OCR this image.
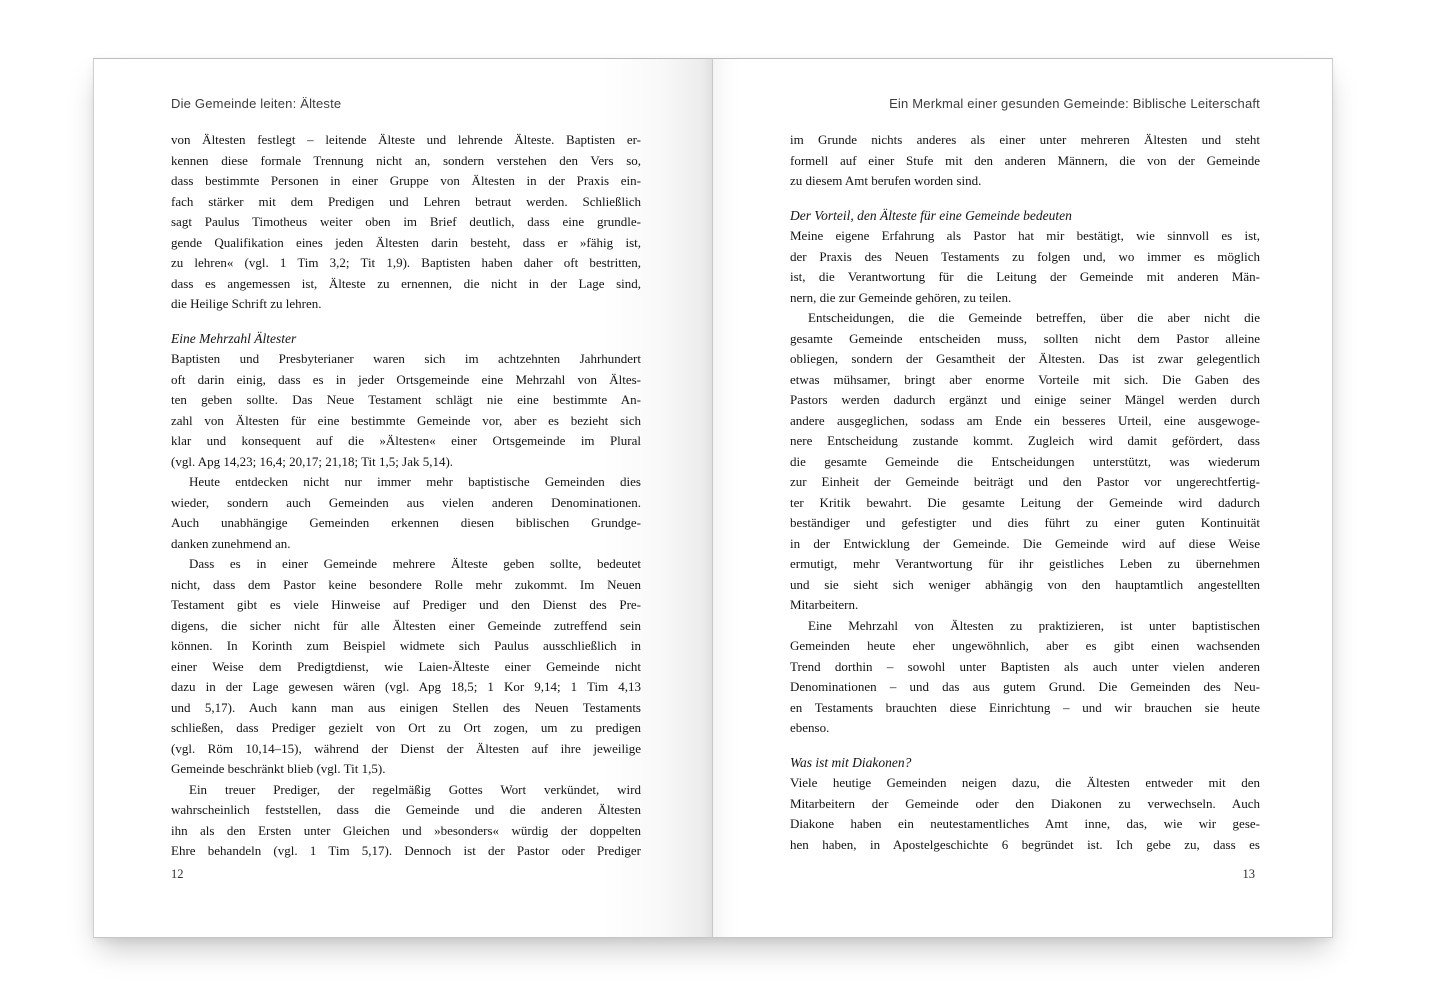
Die Gemeinde leiten: Älteste
von Ältesten festlegt – leitende Älteste und lehrende Älteste. Baptisten er-
kennen diese formale Trennung nicht an, sondern verstehen den Vers so,
dass bestimmte Personen in einer Gruppe von Ältesten in der Praxis ein-
fach stärker mit dem Predigen und Lehren betraut werden. Schließlich
sagt Paulus Timotheus weiter oben im Brief deutlich, dass eine grundle-
gende Qualifikation eines jeden Ältesten darin besteht, dass er »fähig ist,
zu lehren« (vgl. 1 Tim 3,2; Tit 1,9). Baptisten haben daher oft bestritten,
dass es angemessen ist, Älteste zu ernennen, die nicht in der Lage sind,
die Heilige Schrift zu lehren.
Eine Mehrzahl Ältester
Baptisten und Presbyterianer waren sich im achtzehnten Jahrhundert
oft darin einig, dass es in jeder Ortsgemeinde eine Mehrzahl von Ältes-
ten geben sollte. Das Neue Testament schlägt nie eine bestimmte An-
zahl von Ältesten für eine bestimmte Gemeinde vor, aber es bezieht sich
klar und konsequent auf die »Ältesten« einer Ortsgemeinde im Plural
(vgl. Apg 14,23; 16,4; 20,17; 21,18; Tit 1,5; Jak 5,14).
Heute entdecken nicht nur immer mehr baptistische Gemeinden dies
wieder, sondern auch Gemeinden aus vielen anderen Denominationen.
Auch unabhängige Gemeinden erkennen diesen biblischen Grundge-
danken zunehmend an.
Dass es in einer Gemeinde mehrere Älteste geben sollte, bedeutet
nicht, dass dem Pastor keine besondere Rolle mehr zukommt. Im Neuen
Testament gibt es viele Hinweise auf Prediger und den Dienst des Pre-
digens, die sicher nicht für alle Ältesten einer Gemeinde zutreffend sein
können. In Korinth zum Beispiel widmete sich Paulus ausschließlich in
einer Weise dem Predigtdienst, wie Laien-Älteste einer Gemeinde nicht
dazu in der Lage gewesen wären (vgl. Apg 18,5; 1 Kor 9,14; 1 Tim 4,13
und 5,17). Auch kann man aus einigen Stellen des Neuen Testaments
schließen, dass Prediger gezielt von Ort zu Ort zogen, um zu predigen
(vgl. Röm 10,14–15), während der Dienst der Ältesten auf ihre jeweilige
Gemeinde beschränkt blieb (vgl. Tit 1,5).
Ein treuer Prediger, der regelmäßig Gottes Wort verkündet, wird
wahrscheinlich feststellen, dass die Gemeinde und die anderen Ältesten
ihn als den Ersten unter Gleichen und »besonders« würdig der doppelten
Ehre behandeln (vgl. 1 Tim 5,17). Dennoch ist der Pastor oder Prediger
12
Ein Merkmal einer gesunden Gemeinde: Biblische Leiterschaft
im Grunde nichts anderes als einer unter mehreren Ältesten und steht
formell auf einer Stufe mit den anderen Männern, die von der Gemeinde
zu diesem Amt berufen worden sind.
Der Vorteil, den Älteste für eine Gemeinde bedeuten
Meine eigene Erfahrung als Pastor hat mir bestätigt, wie sinnvoll es ist,
der Praxis des Neuen Testaments zu folgen und, wo immer es möglich
ist, die Verantwortung für die Leitung der Gemeinde mit anderen Män-
nern, die zur Gemeinde gehören, zu teilen.
Entscheidungen, die die Gemeinde betreffen, über die aber nicht die
gesamte Gemeinde entscheiden muss, sollten nicht dem Pastor alleine
obliegen, sondern der Gesamtheit der Ältesten. Das ist zwar gelegentlich
etwas mühsamer, bringt aber enorme Vorteile mit sich. Die Gaben des
Pastors werden dadurch ergänzt und einige seiner Mängel werden durch
andere ausgeglichen, sodass am Ende ein besseres Urteil, eine ausgewoge-
nere Entscheidung zustande kommt. Zugleich wird damit gefördert, dass
die gesamte Gemeinde die Entscheidungen unterstützt, was wiederum
zur Einheit der Gemeinde beiträgt und den Pastor vor ungerechtfertig-
ter Kritik bewahrt. Die gesamte Leitung der Gemeinde wird dadurch
beständiger und gefestigter und dies führt zu einer guten Kontinuität
in der Entwicklung der Gemeinde. Die Gemeinde wird auf diese Weise
ermutigt, mehr Verantwortung für ihr geistliches Leben zu übernehmen
und sie sieht sich weniger abhängig von den hauptamtlich angestellten
Mitarbeitern.
Eine Mehrzahl von Ältesten zu praktizieren, ist unter baptistischen
Gemeinden heute eher ungewöhnlich, aber es gibt einen wachsenden
Trend dorthin – sowohl unter Baptisten als auch unter vielen anderen
Denominationen – und das aus gutem Grund. Die Gemeinden des Neu-
en Testaments brauchten diese Einrichtung – und wir brauchen sie heute
ebenso.
Was ist mit Diakonen?
Viele heutige Gemeinden neigen dazu, die Ältesten entweder mit den
Mitarbeitern der Gemeinde oder den Diakonen zu verwechseln. Auch
Diakone haben ein neutestamentliches Amt inne, das, wie wir gese-
hen haben, in Apostelgeschichte 6 begründet ist. Ich gebe zu, dass es
13
